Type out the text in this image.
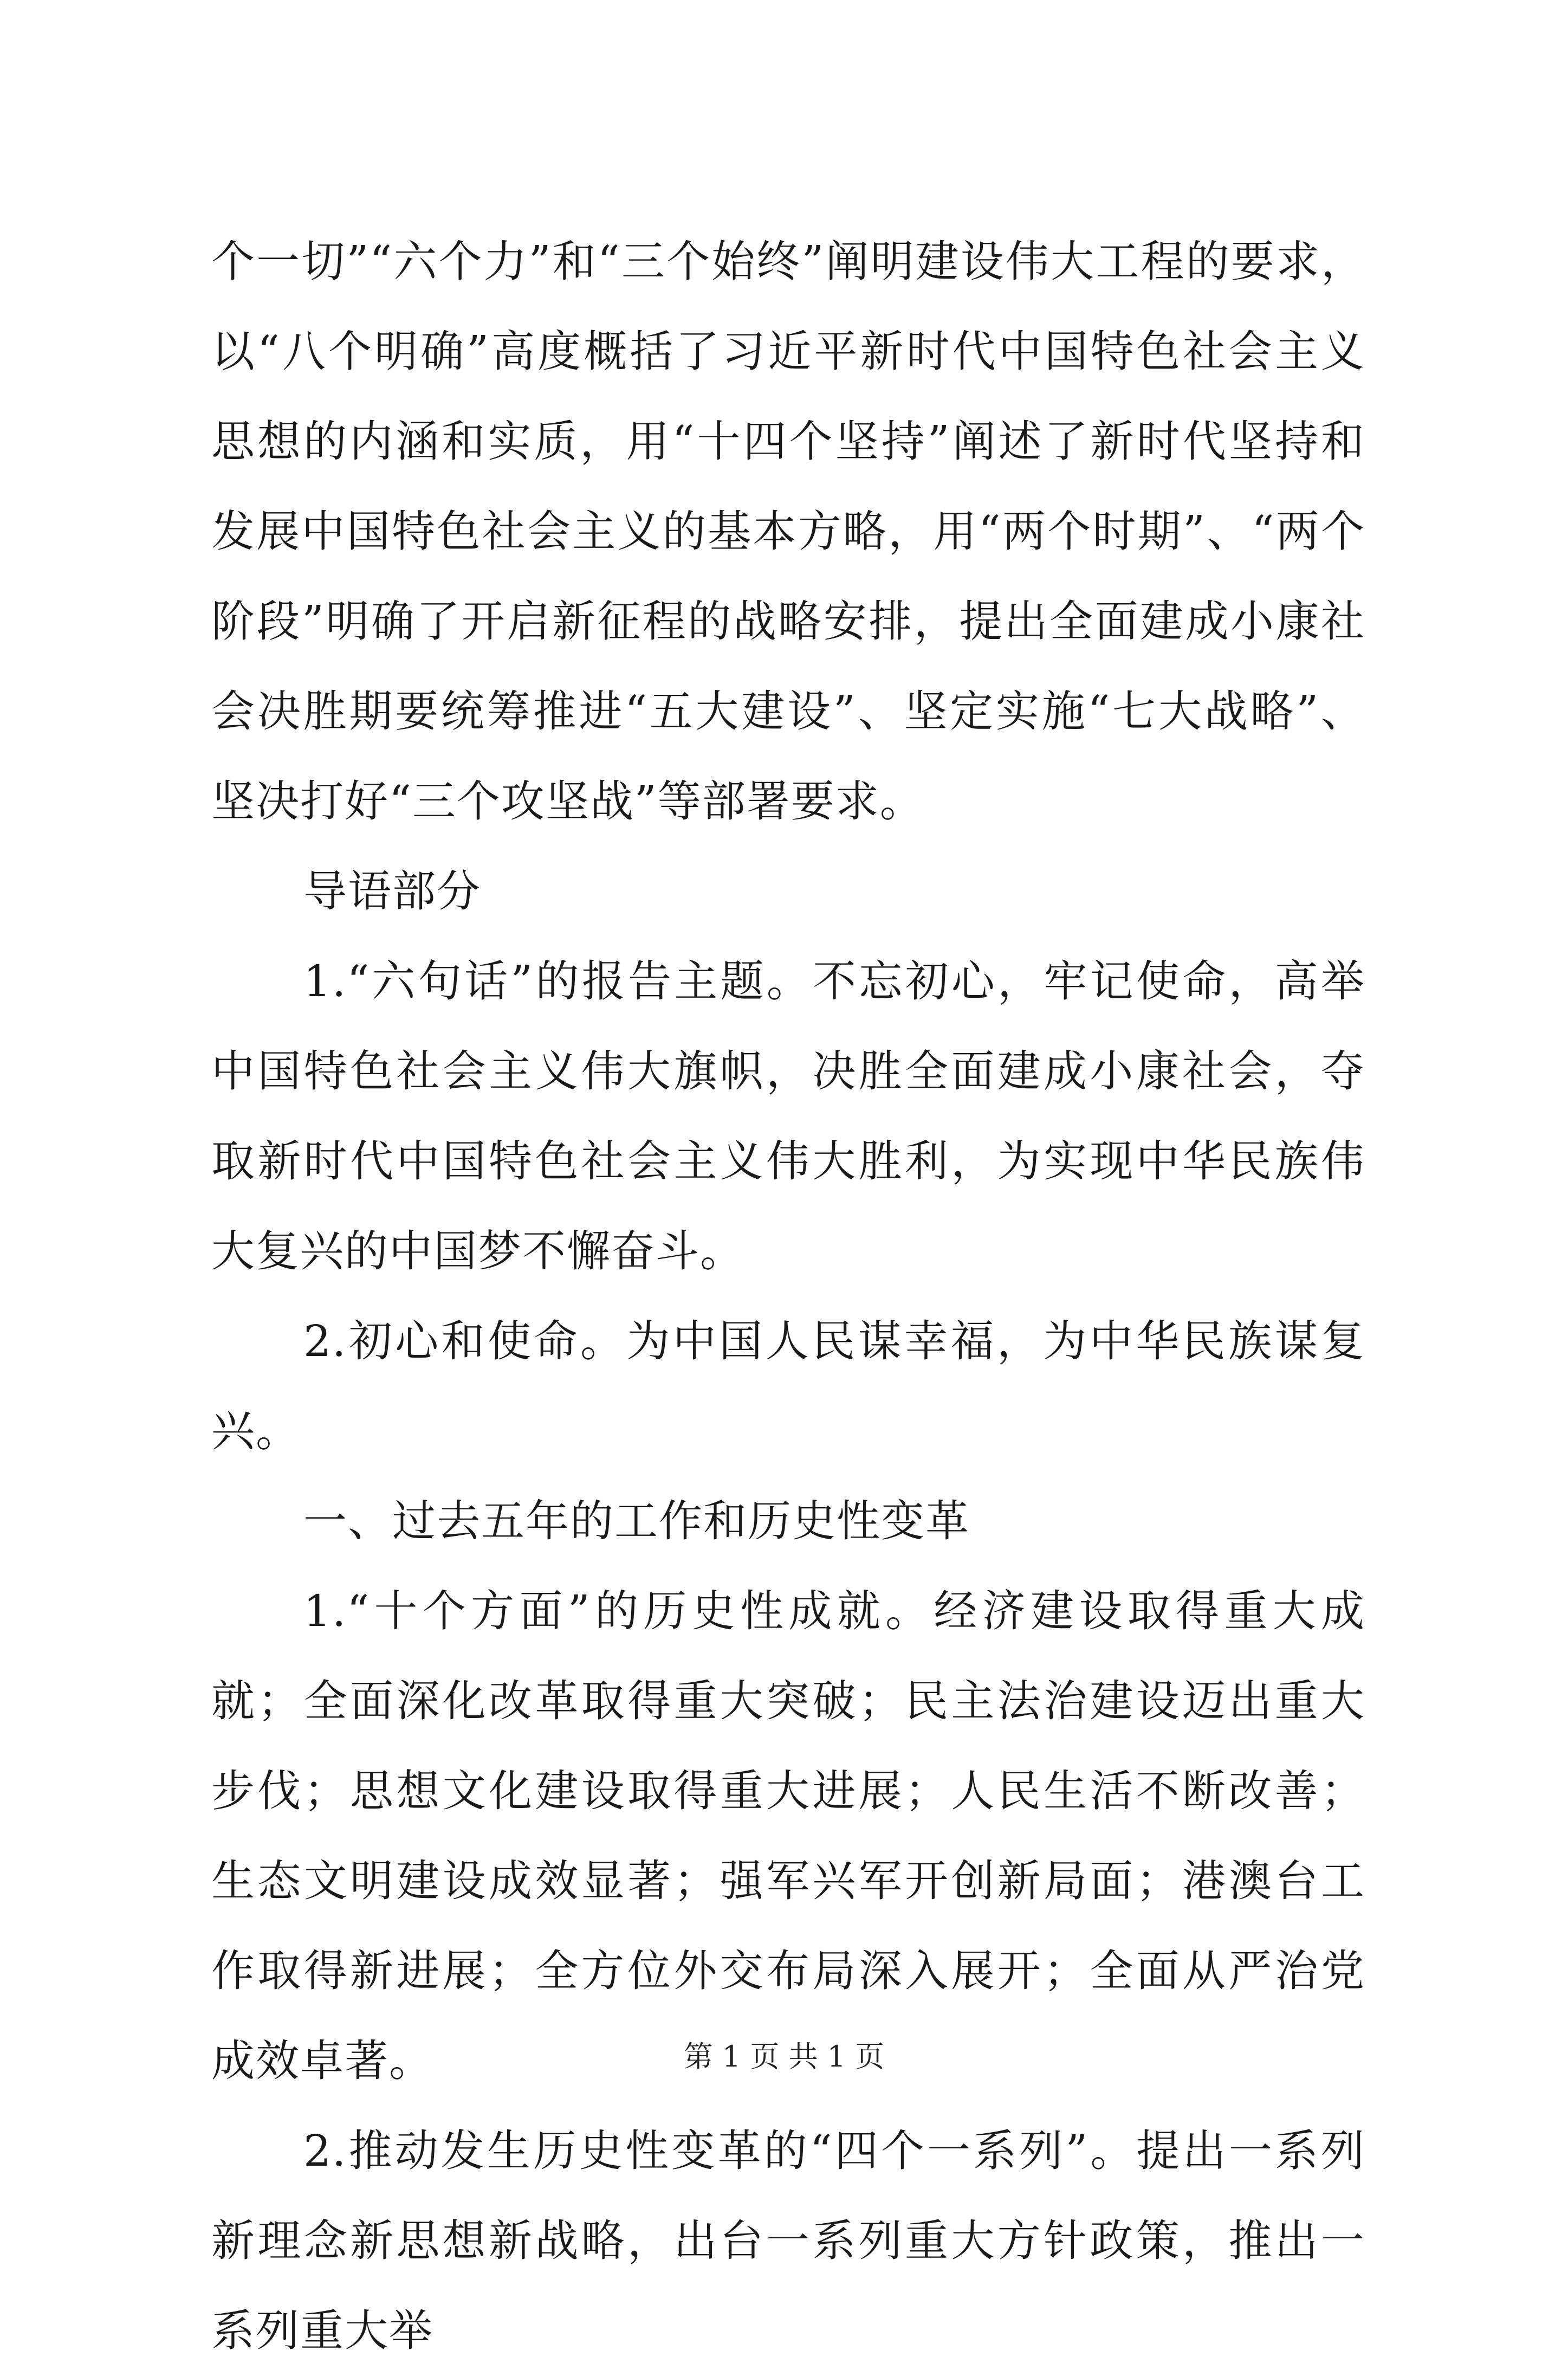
个一切”“六个力”和“三个始终”阐明建设伟大工程的要求，以“八个明确”高度概括了习近平新时代中国特色社会主义思想的内涵和实质，用“十四个坚持”阐述了新时代坚持和发展中国特色社会主义的基本方略，用“两个时期”、“两个阶段”明确了开启新征程的战略安排，提出全面建成小康社会决胜期要统筹推进“五大建设”、坚定实施“七大战略”、坚决打好“三个攻坚战”等部署要求。

导语部分

1.“六句话”的报告主题。不忘初心，牢记使命，高举中国特色社会主义伟大旗帜，决胜全面建成小康社会，夺取新时代中国特色社会主义伟大胜利，为实现中华民族伟大复兴的中国梦不懈奋斗。

2.初心和使命。为中国人民谋幸福，为中华民族谋复兴。

一、过去五年的工作和历史性变革

1.“十个方面”的历史性成就。经济建设取得重大成就；全面深化改革取得重大突破；民主法治建设迈出重大步伐；思想文化建设取得重大进展；人民生活不断改善；生态文明建设成效显著；强军兴军开创新局面；港澳台工作取得新进展；全方位外交布局深入展开；全面从严治党成效卓著。

2.推动发生历史性变革的“四个一系列”。提出一系列新理念新思想新战略，出台一系列重大方针政策，推出一系列重大举

第 1 页 共 1 页
